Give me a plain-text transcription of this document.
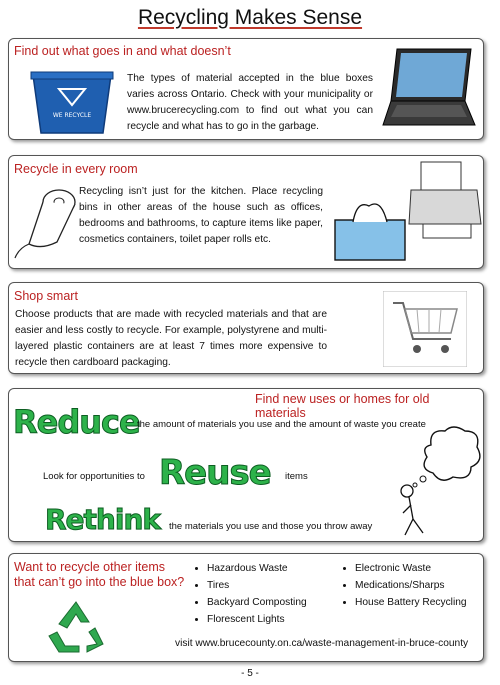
Recycling Makes Sense
Find out what goes in and what doesn’t
WE RECYCLE
The types of material accepted in the blue boxes varies across Ontario. Check with your municipality or www.brucerecycling.com to find out what you can recycle and what has to go in the garbage.
Recycle in every room
Recycling isn’t just for the kitchen. Place recycling bins in other areas of the house such as offices, bedrooms and bathrooms, to capture items like paper, cosmetics containers, toilet paper rolls etc.
Shop smart
Choose products that are made with recycled materials and that are easier and less costly to recycle. For example, polystyrene and multi-layered plastic containers are at least 7 times more expensive to recycle then cardboard packaging.
Find new uses or homes for old materials
Reduce
the amount of materials you use and the amount of waste you create
Look for opportunities to Reuse items
Rethink the materials you use and those you throw away
Want to recycle other items
that can’t go into the blue box?
• Hazardous Waste
• Tires
• Backyard Composting
• Florescent Lights
• Electronic Waste
• Medications/Sharps
• House Battery Recycling
visit www.brucecounty.on.ca/waste-management-in-bruce-county
- 5 -
